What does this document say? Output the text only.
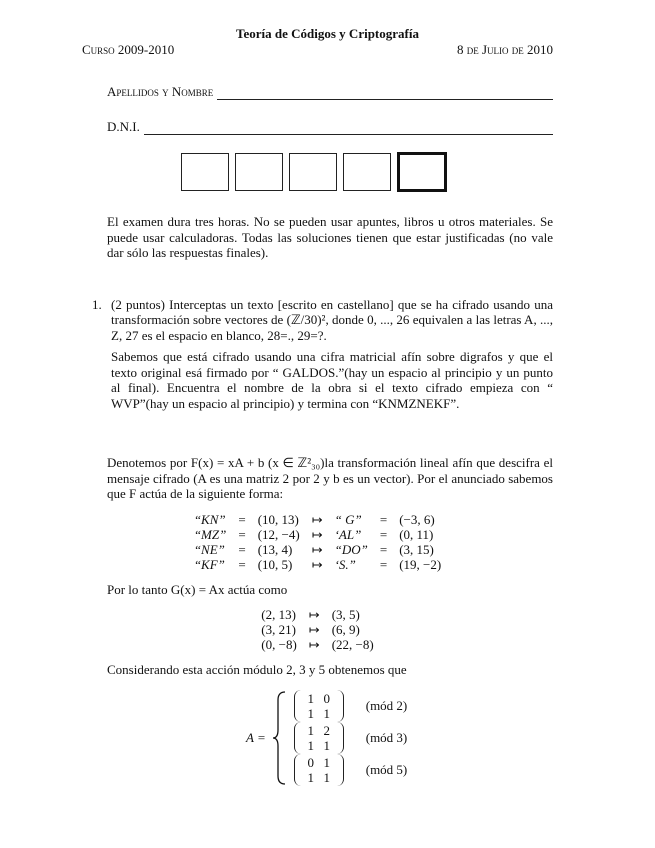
Teoría de Códigos y Criptografía
Curso 2009-2010	8 de Julio de 2010
Apellidos y Nombre
D.N.I.

El examen dura tres horas. No se pueden usar apuntes, libros u otros materiales. Se puede usar calculadoras. Todas las soluciones tienen que estar justificadas (no vale dar sólo las respuestas finales).

1. (2 puntos) Interceptas un texto [escrito en castellano] que se ha cifrado usando una transformación sobre vectores de (ℤ/30)², donde 0, ..., 26 equivalen a las letras A, ..., Z, 27 es el espacio en blanco, 28=., 29=?.

Sabemos que está cifrado usando una cifra matricial afín sobre digrafos y que el texto original esá firmado por “ GALDOS.”(hay un espacio al principio y un punto al final). Encuentra el nombre de la obra si el texto cifrado empieza con “ WVP”(hay un espacio al principio) y termina con “KNMZNEKF”.

Denotemos por F(x) = xA + b (x ∈ ℤ²₃₀)la transformación lineal afín que descifra el mensaje cifrado (A es una matriz 2 por 2 y b es un vector). Por el anunciado sabemos que F actúa de la siguiente forma:

“KN”	=	(10, 13)	↦	“ G”	=	(−3, 6)
“MZ”	=	(12, −4)	↦	‘AL”	=	(0, 11)
“NE”	=	(13, 4)	↦	“DO”	=	(3, 15)
“KF”	=	(10, 5)	↦	‘S.”	=	(19, −2)

Por lo tanto G(x) = Ax actúa como

(2, 13)	↦	(3, 5)
(3, 21)	↦	(6, 9)
(0, −8)	↦	(22, −8)

Considerando esta acción módulo 2, 3 y 5 obtenemos que

A =
1 0
1 1
(mód 2)
1 2
1 1
(mód 3)
0 1
1 1
(mód 5)
